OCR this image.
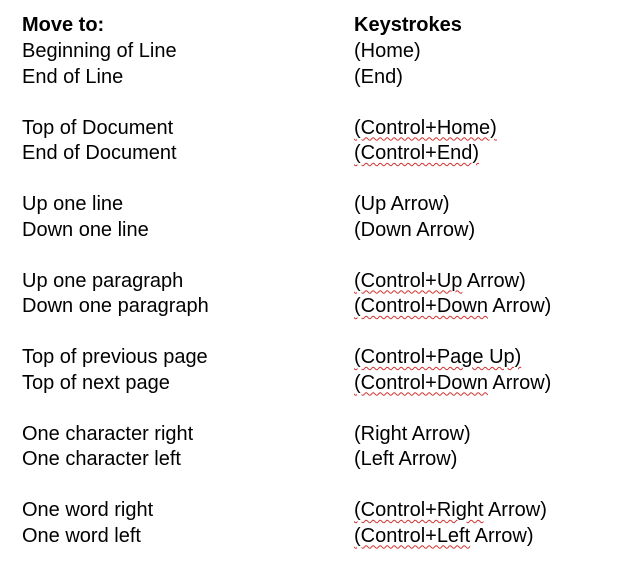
Move to:	Keystrokes
Beginning of Line	(Home)
End of Line	(End)
Top of Document	(Control+Home)
End of Document	(Control+End)
Up one line	(Up Arrow)
Down one line	(Down Arrow)
Up one paragraph	(Control+Up Arrow)
Down one paragraph	(Control+Down Arrow)
Top of previous page	(Control+Page Up)
Top of next page	(Control+Down Arrow)
One character right	(Right Arrow)
One character left	(Left Arrow)
One word right	(Control+Right Arrow)
One word left	(Control+Left Arrow)
